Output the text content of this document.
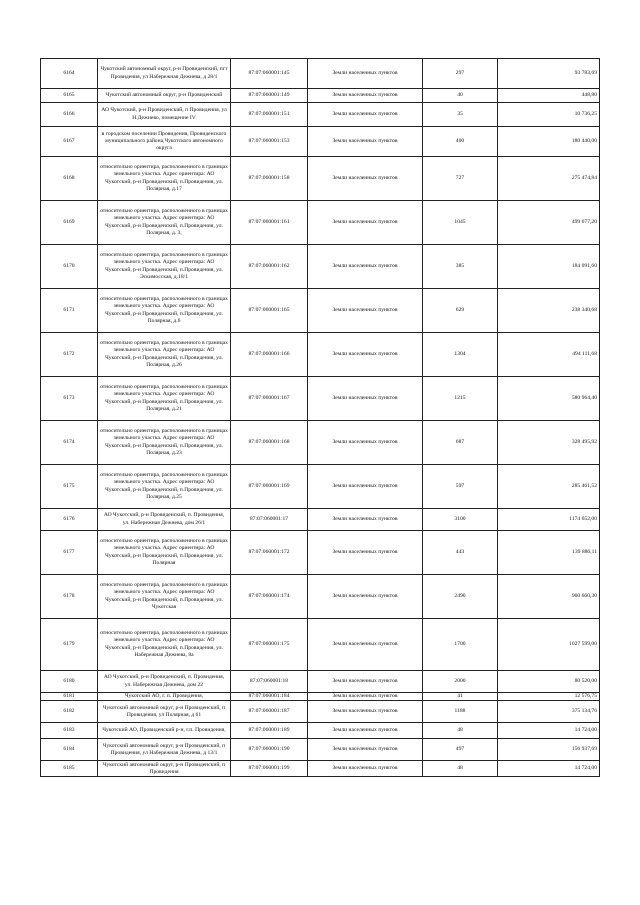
6164	Чукотский автономный округ, р-н Провиденский, пгт Провидения, ул Набережная Дежнева, д 28/1	87:07:060001:145	Земли населенных пунктов	297	93 783,69
6165	Чукотский автономный округ, р-н Провиденский	87:07:060001:149	Земли населенных пунктов	40	448,80
6166	АО Чукотский, р-н Провиденский, п Провидения, ул Н.Дежнево, помещение IV	87:07:060001:151	Земли населенных пунктов	35	10 736,25
6167	в городском поселении Провидения, Провиденского муниципального района,Чукотского автономного округа	87:07:060001:153	Земли населенных пунктов	400	180 440,00
6168	относительно ориентира, расположенного в границах земельного участка. Адрес ориентира: АО Чукотский, р-н Провиденский, п.Провидения, ул. Полярная, д.17	87:07:060001:158	Земли населенных пунктов	727	275 474,84
6169	относительно ориентира, расположенного в границах земельного участка. Адрес ориентира: АО Чукотский, р-н Провиденский, п.Провидения, ул. Полярная, д. 3,	87:07:060001:161	Земли населенных пунктов	1045	499 677,20
6170	относительно ориентира, расположенного в границах земельного участка. Адрес ориентира: АО Чукотский, р-н Провиденский, п.Провидения, ул. Эскимосская, д.18/1	87:07:060001:162	Земли населенных пунктов	385	184 091,60
6171	относительно ориентира, расположенного в границах земельного участка. Адрес ориентира: АО Чукотский, р-н Провиденский, п.Провидения, ул. Полярная, д.6	87:07:060001:165	Земли населенных пунктов	629	238 340,68
6172	относительно ориентира, расположенного в границах земельного участка. Адрес ориентира: АО Чукотский, р-н Провиденский, п.Провидения, ул. Полярная, д.26	87:07:060001:166	Земли населенных пунктов	1304	494 111,68
6173	относительно ориентира, расположенного в границах земельного участка. Адрес ориентира: АО Чукотский, р-н Провиденский, п.Провидения, ул. Полярная, д.21	87:07:060001:167	Земли населенных пунктов	1215	580 964,40
6174	относительно ориентира, расположенного в границах земельного участка. Адрес ориентира: АО Чукотский, р-н Провиденский, п.Провидения, ул. Полярная, д.23	87:07:060001:168	Земли населенных пунктов	687	328 495,92
6175	относительно ориентира, расположенного в границах земельного участка. Адрес ориентира: АО Чукотский, р-н Провиденский, п.Провидения, ул. Полярная, д.25	87:07:060001:169	Земли населенных пунктов	597	285 461,52
6176	АО Чукотский, р-н Провиденский, п. Провидения, ул. Набережная Дежнева, дом 26/1	87:07:060001:17	Земли населенных пунктов	3100	1174 652,00
6177	относительно ориентира, расположенного в границах земельного участка. Адрес ориентира: АО Чукотский, р-н Провиденский, п.Провидения, ул. Полярная	87:07:060001:172	Земли населенных пунктов	443	139 886,11
6178	относительно ориентира, расположенного в границах земельного участка. Адрес ориентира: АО Чукотский, р-н Провиденский, п.Провидения, ул. Чукотская	87:07:060001:174	Земли населенных пунктов	2490	900 660,30
6179	относительно ориентира, расположенного в границах земельного участка. Адрес ориентира: АО Чукотский, р-н Провиденский, п.Провидения, ул. Набережная Дежнева, 8а	87:07:060001:175	Земли населенных пунктов	1700	1027 599,00
6180	АО Чукотский, р-н Провиденский, п. Провидения, ул. Набережная Дежнева, дом 22	87:07:060001:18	Земли населенных пунктов	2000	80 520,00
6181	Чукотский АО, г. п. Провидения,	87:07:060001:184	Земли населенных пунктов	41	12 576,75
6182	Чукотский автономный округ, р-н Провиденский, п Провидения, ул Полярная, д 61	87:07:060001:187	Земли населенных пунктов	1188	375 134,76
6183	Чукотский АО, Провиденский р-н, г.п. Провидения,	87:07:060001:189	Земли населенных пунктов	48	14 724,00
6184	Чукотский автономный округ, р-н Провиденский, п Провидения, ул Набережная Дежнева, д 13/1	87:07:060001:190	Земли населенных пунктов	497	156 937,69
6185	Чукотский автономный округ, р-н Провиденский, п Провидения	87:07:060001:199	Земли населенных пунктов	48	14 724,00
